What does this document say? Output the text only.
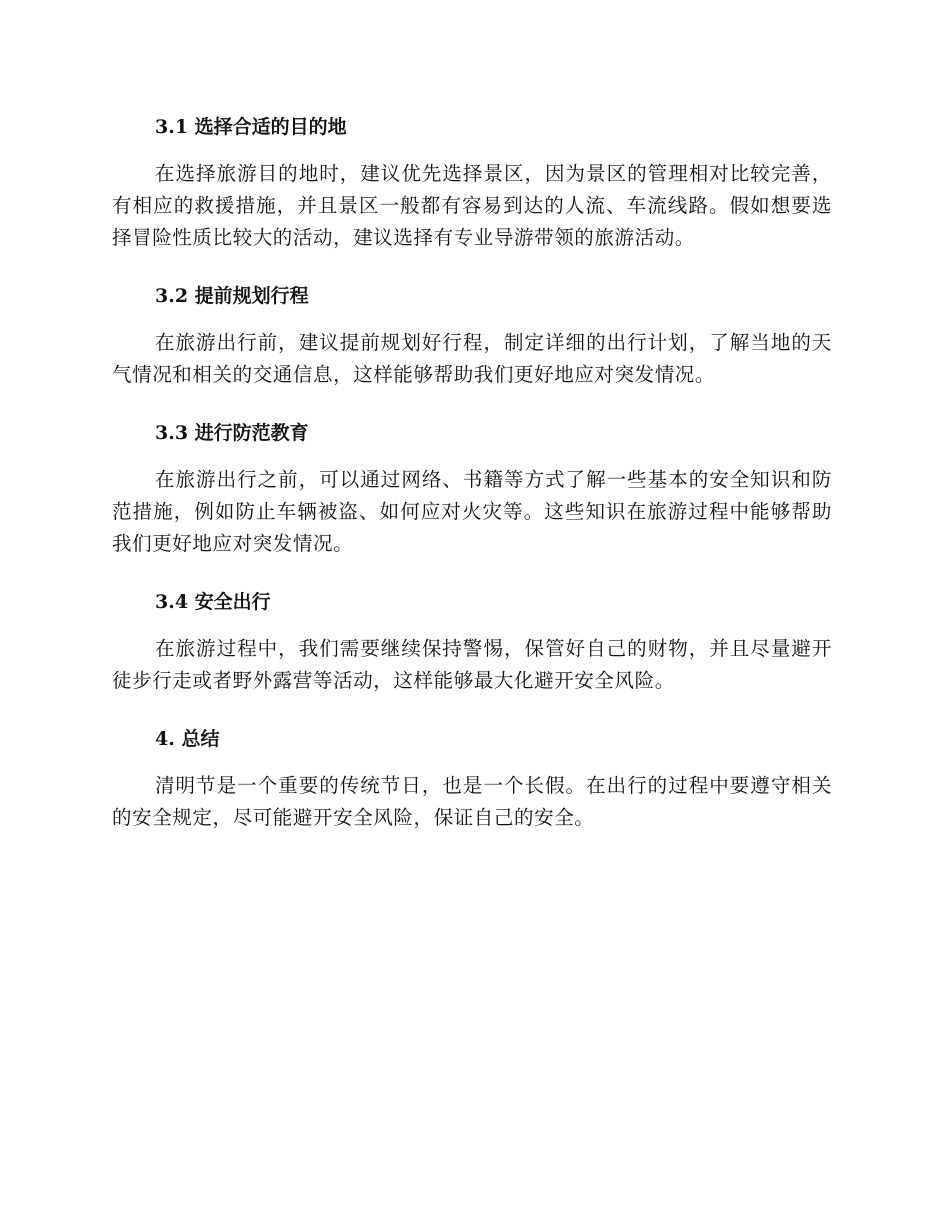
3.1 选择合适的目的地

在选择旅游目的地时，建议优先选择景区，因为景区的管理相对比较完善，有相应的救援措施，并且景区一般都有容易到达的人流、车流线路。假如想要选择冒险性质比较大的活动，建议选择有专业导游带领的旅游活动。

3.2 提前规划行程

在旅游出行前，建议提前规划好行程，制定详细的出行计划，了解当地的天气情况和相关的交通信息，这样能够帮助我们更好地应对突发情况。

3.3 进行防范教育

在旅游出行之前，可以通过网络、书籍等方式了解一些基本的安全知识和防范措施，例如防止车辆被盗、如何应对火灾等。这些知识在旅游过程中能够帮助我们更好地应对突发情况。

3.4 安全出行

在旅游过程中，我们需要继续保持警惕，保管好自己的财物，并且尽量避开徒步行走或者野外露营等活动，这样能够最大化避开安全风险。

4. 总结

清明节是一个重要的传统节日，也是一个长假。在出行的过程中要遵守相关的安全规定，尽可能避开安全风险，保证自己的安全。
